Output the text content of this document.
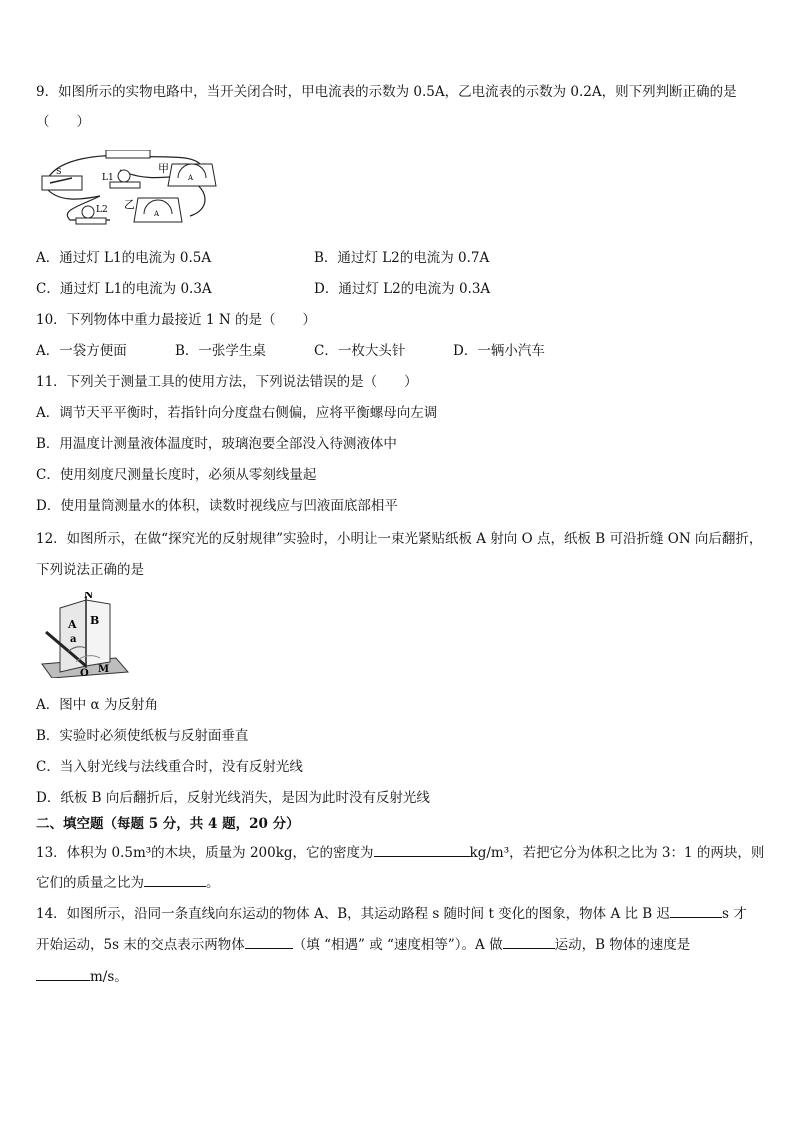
9．如图所示的实物电路中，当开关闭合时，甲电流表的示数为 0.5A，乙电流表的示数为 0.2A，则下列判断正确的是
（　　）
S
L1
L2
甲
乙
A
A
A．通过灯 L1的电流为 0.5A	B．通过灯 L2的电流为 0.7A
C．通过灯 L1的电流为 0.3A	D．通过灯 L2的电流为 0.3A
10．下列物体中重力最接近 1 N 的是（　　）
A．一袋方便面	B．一张学生桌	C．一枚大头针	D．一辆小汽车
11．下列关于测量工具的使用方法，下列说法错误的是（　　）
A．调节天平平衡时，若指针向分度盘右侧偏，应将平衡螺母向左调
B．用温度计测量液体温度时，玻璃泡要全部没入待测液体中
C．使用刻度尺测量长度时，必须从零刻线量起
D．使用量筒测量水的体积，读数时视线应与凹液面底部相平
12．如图所示，在做“探究光的反射规律”实验时，小明让一束光紧贴纸板 A 射向 O 点，纸板 B 可沿折缝 ON 向后翻折，
下列说法正确的是
N
A B
a
O M
A．图中 α 为反射角
B．实验时必须使纸板与反射面垂直
C．当入射光线与法线重合时，没有反射光线
D．纸板 B 向后翻折后，反射光线消失，是因为此时没有反射光线
二、填空题（每题 5 分，共 4 题，20 分）
13．体积为 0.5m³的木块，质量为 200kg，它的密度为	kg/m³，若把它分为体积之比为 3：1 的两块，则
它们的质量之比为	。
14．如图所示，沿同一条直线向东运动的物体 A、B，其运动路程 s 随时间 t 变化的图象，物体 A 比 B 迟	s 才
开始运动，5s 末的交点表示两物体	（填 “相遇” 或 “速度相等”）。A 做	运动，B 物体的速度是
m/s。
